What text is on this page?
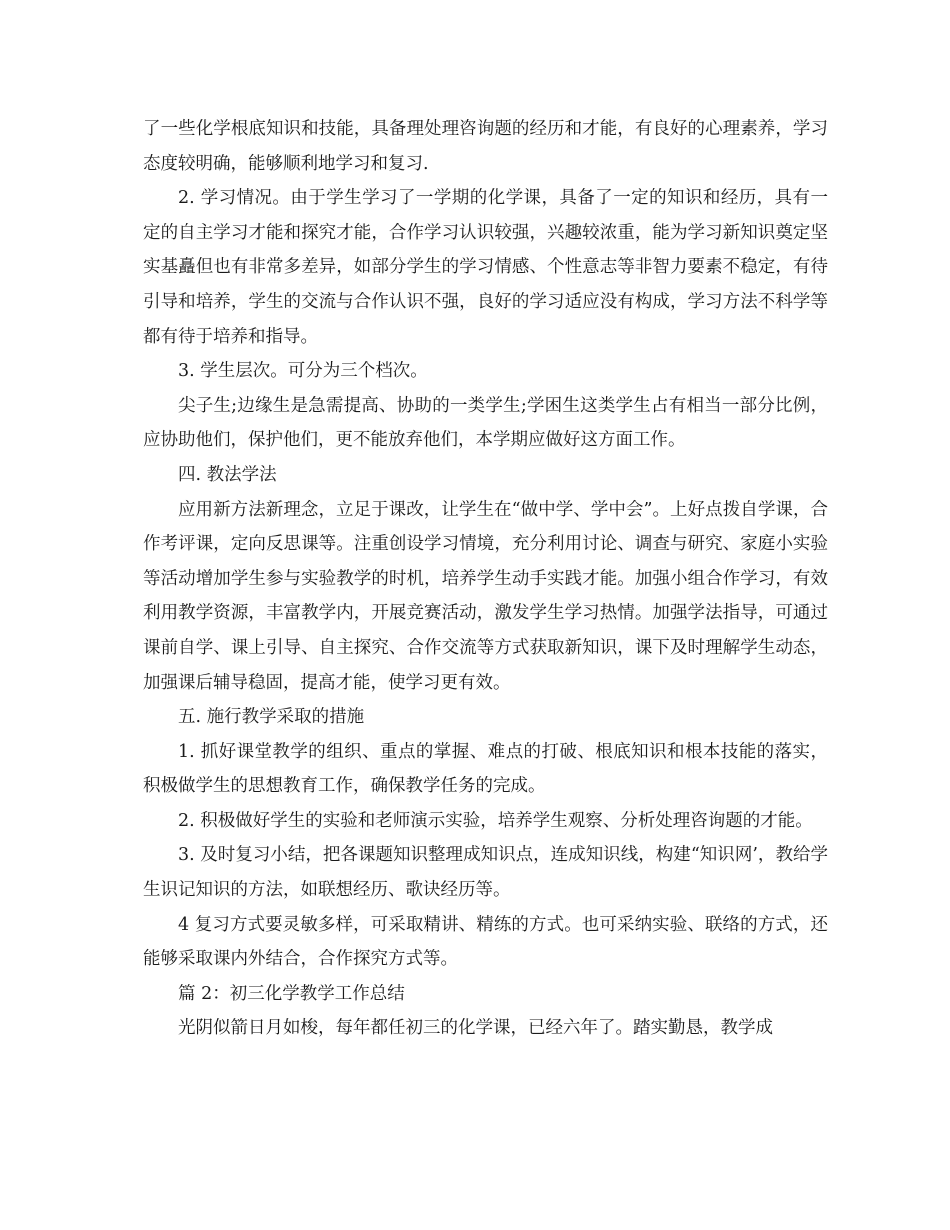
了一些化学根底知识和技能，具备理处理咨询题的经历和才能，有良好的心理素养，学习态度较明确，能够顺利地学习和复习.

2. 学习情况。由于学生学习了一学期的化学课，具备了一定的知识和经历，具有一定的自主学习才能和探究才能，合作学习认识较强，兴趣较浓重，能为学习新知识奠定坚实基矗但也有非常多差异，如部分学生的学习情感、个性意志等非智力要素不稳定，有待引导和培养，学生的交流与合作认识不强，良好的学习适应没有构成，学习方法不科学等都有待于培养和指导。

3. 学生层次。可分为三个档次。

尖子生;边缘生是急需提高、协助的一类学生;学困生这类学生占有相当一部分比例，应协助他们，保护他们，更不能放弃他们，本学期应做好这方面工作。

四. 教法学法

应用新方法新理念，立足于课改，让学生在“做中学、学中会”。上好点拨自学课，合作考评课，定向反思课等。注重创设学习情境，充分利用讨论、调查与研究、家庭小实验等活动增加学生参与实验教学的时机，培养学生动手实践才能。加强小组合作学习，有效利用教学资源，丰富教学内，开展竞赛活动，激发学生学习热情。加强学法指导，可通过课前自学、课上引导、自主探究、合作交流等方式获取新知识，课下及时理解学生动态，加强课后辅导稳固，提高才能，使学习更有效。

五. 施行教学采取的措施

1. 抓好课堂教学的组织、重点的掌握、难点的打破、根底知识和根本技能的落实，积极做学生的思想教育工作，确保教学任务的完成。

2. 积极做好学生的实验和老师演示实验，培养学生观察、分析处理咨询题的才能。

3. 及时复习小结，把各课题知识整理成知识点，连成知识线，构建“知识网’，教给学生识记知识的方法，如联想经历、歌诀经历等。

4 复习方式要灵敏多样，可采取精讲、精练的方式。也可采纳实验、联络的方式，还能够采取课内外结合，合作探究方式等。

篇 2：初三化学教学工作总结

光阴似箭日月如梭，每年都任初三的化学课，已经六年了。踏实勤恳，教学成
